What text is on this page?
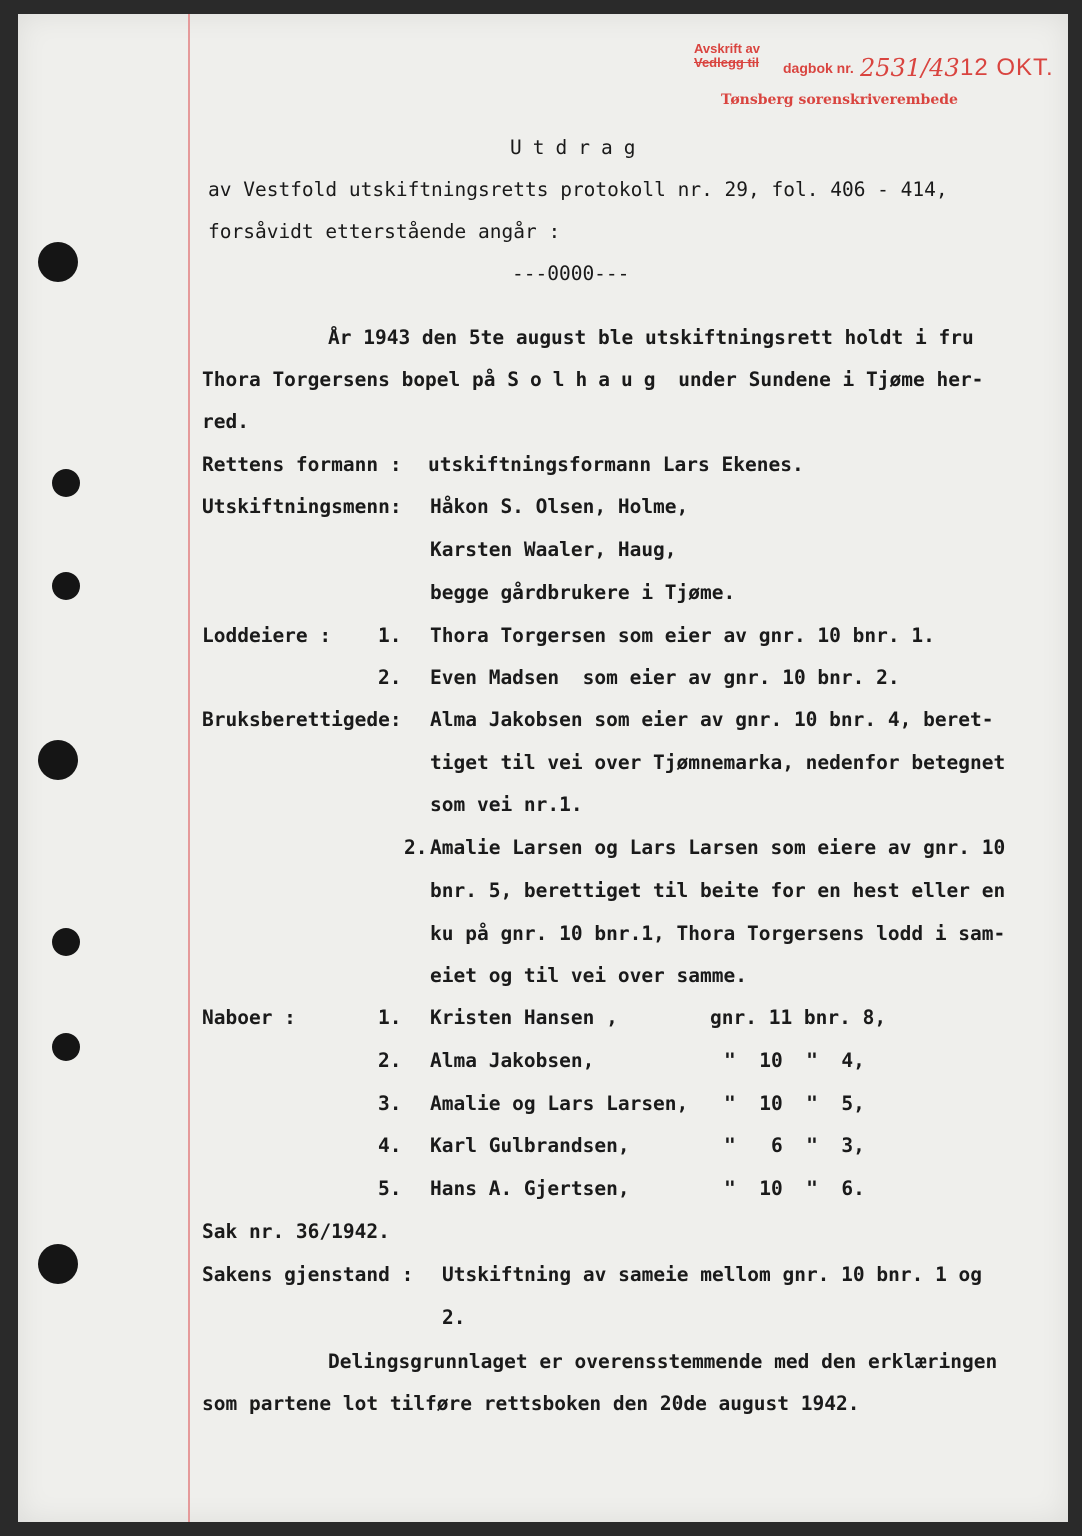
Avskrift av
Vedlegg til dagbok nr. 2531/43 12 OKT.
Tønsberg sorenskriverembede
Utdrag
av Vestfold utskiftningsretts protokoll nr. 29, fol. 406 - 414,
forsåvidt etterstående angår :
---0000---
År 1943 den 5te august ble utskiftningsrett holdt i fru
Thora Torgersens bopel på Solhaug under Sundene i Tjøme her-
red.
Rettens formann : utskiftningsformann Lars Ekenes.
Utskiftningsmenn: Håkon S. Olsen, Holme,
Karsten Waaler, Haug,
begge gårdbrukere i Tjøme.
Loddeiere : 1. Thora Torgersen som eier av gnr. 10 bnr. 1.
2. Even Madsen  som eier av gnr. 10 bnr. 2.
Bruksberettigede: Alma Jakobsen som eier av gnr. 10 bnr. 4, beret-
tiget til vei over Tjømnemarka, nedenfor betegnet
som vei nr.1.
2. Amalie Larsen og Lars Larsen som eiere av gnr. 10
bnr. 5, berettiget til beite for en hest eller en
ku på gnr. 10 bnr.1, Thora Torgersens lodd i sam-
eiet og til vei over samme.
Naboer :	1. Kristen Hansen ,	gnr. 11 bnr. 8,
2. Alma Jakobsen,	"  10  "  4,
3. Amalie og Lars Larsen, "  10  "  5,
4. Karl Gulbrandsen,	"   6  "  3,
5. Hans A. Gjertsen,	"  10  "  6.
Sak nr. 36/1942.
Sakens gjenstand : Utskiftning av sameie mellom gnr. 10 bnr. 1 og
2.
Delingsgrunnlaget er overensstemmende med den erklæringen
som partene lot tilføre rettsboken den 20de august 1942.
